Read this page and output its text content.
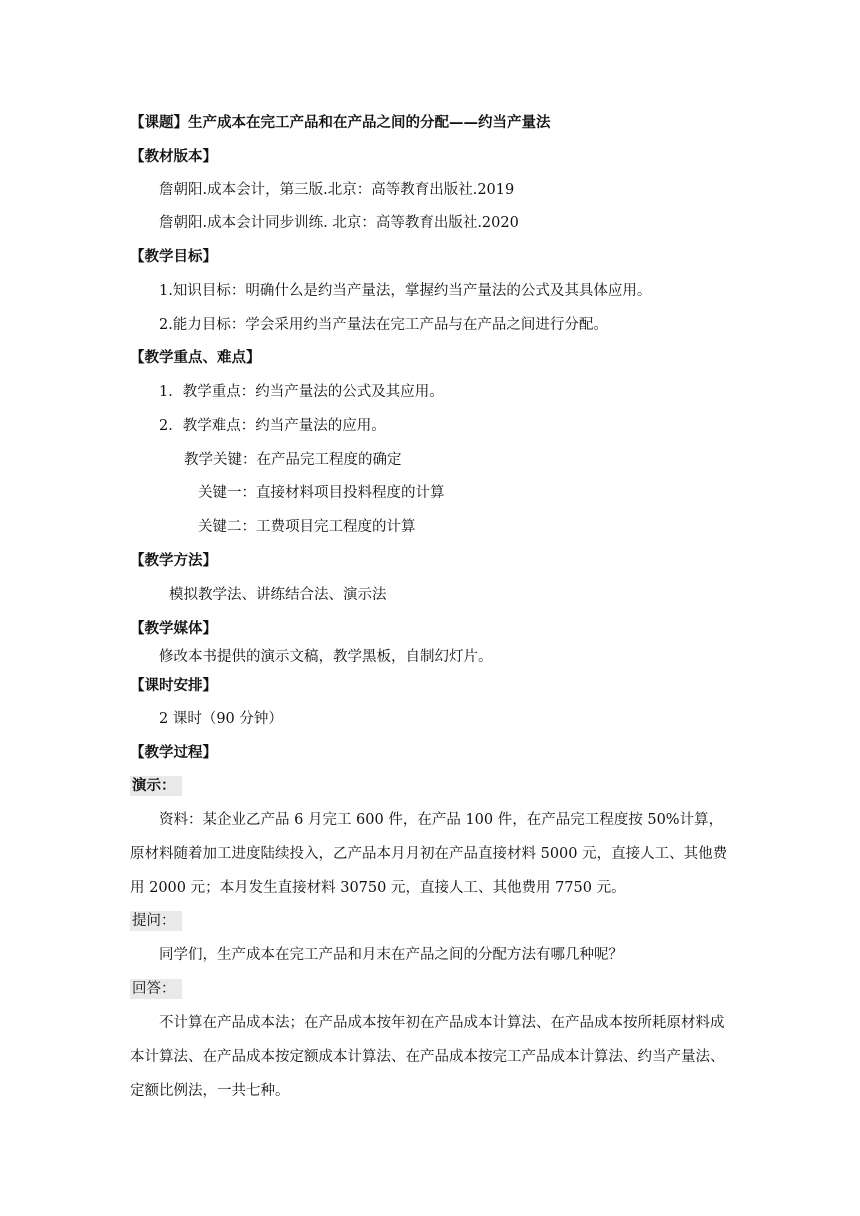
【课题】生产成本在完工产品和在产品之间的分配——约当产量法
【教材版本】
詹朝阳.成本会计，第三版.北京：高等教育出版社.2019
詹朝阳.成本会计同步训练. 北京：高等教育出版社.2020
【教学目标】
1.知识目标：明确什么是约当产量法，掌握约当产量法的公式及其具体应用。
2.能力目标：学会采用约当产量法在完工产品与在产品之间进行分配。
【教学重点、难点】
1．教学重点：约当产量法的公式及其应用。
2．教学难点：约当产量法的应用。
教学关键：在产品完工程度的确定
关键一：直接材料项目投料程度的计算
关键二：工费项目完工程度的计算
【教学方法】
模拟教学法、讲练结合法、演示法
【教学媒体】
修改本书提供的演示文稿，教学黑板，自制幻灯片。
【课时安排】
2 课时（90 分钟）
【教学过程】
演示：
资料：某企业乙产品 6 月完工 600 件，在产品 100 件，在产品完工程度按 50%计算，原材料随着加工进度陆续投入，乙产品本月月初在产品直接材料 5000 元，直接人工、其他费用 2000 元；本月发生直接材料 30750 元，直接人工、其他费用 7750 元。
提问：
同学们，生产成本在完工产品和月末在产品之间的分配方法有哪几种呢？
回答：
不计算在产品成本法；在产品成本按年初在产品成本计算法、在产品成本按所耗原材料成本计算法、在产品成本按定额成本计算法、在产品成本按完工产品成本计算法、约当产量法、定额比例法，一共七种。
